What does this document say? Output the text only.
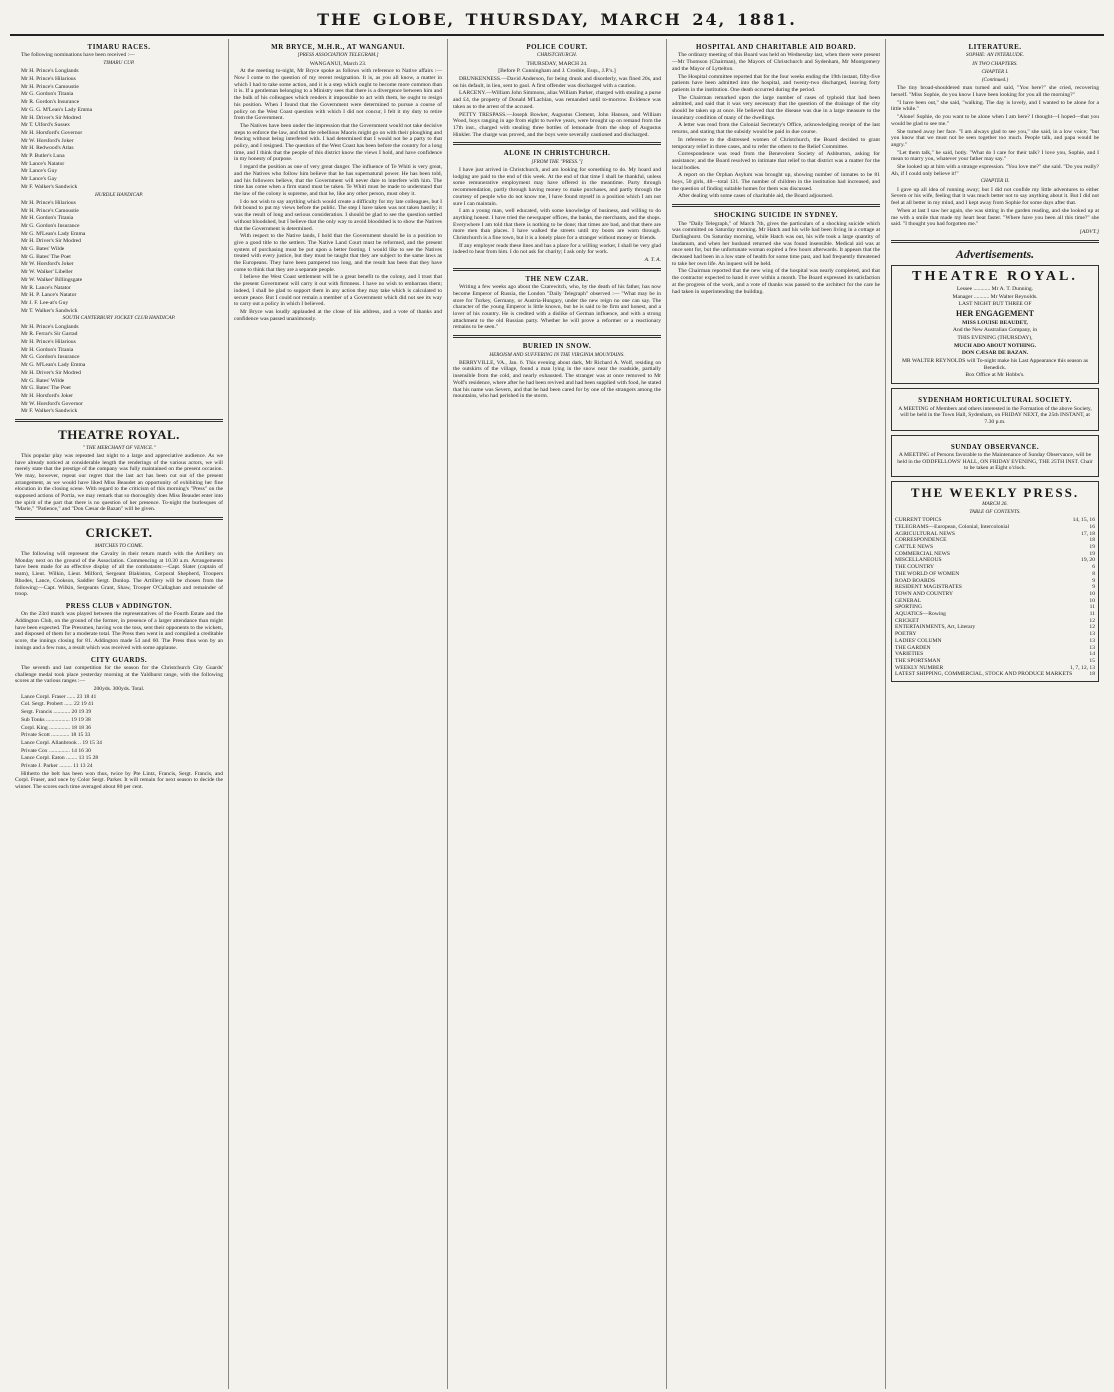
THE GLOBE, THURSDAY, MARCH 24, 1881.
TIMARU RACES.

The following nominations have been received :—

TIMARU CUP.

Mr H. Prince's Longlands

Mr H. Prince's Hilarious

Mr H. Prince's Camoustie

Mr G. Gordon's Titania

Mr R. Gordon's Insurance

Mr G. G. M'Lean's Lady Emma

Mr H. Driver's Sir Modred

Mr T. Ulford's Sussex

Mr H. Horsford's Governor

Mr W. Horsford's Joker

Mr H. Redwood's Atlas

Mr P. Butler's Luna

Mr Lance's Natator

Mr Lance's Guy

Mr Lance's Gay

Mr F. Walker's Sandwick

HURDLE HANDICAP.

Mr H. Prince's Hilarious

Mr H. Prince's Camoustie

Mr H. Gordon's Titania

Mr G. Gordon's Insurance

Mr G. M'Lean's Lady Emma

Mr H. Driver's Sir Modred

Mr G. Bates' Wilde

Mr G. Bates' The Poet

Mr W. Horsford's Joker

Mr W. Walker' Libeller

Mr W. Walker' Billingsgate

Mr R. Lance's Natator

Mr H. P. Lance's Natator

Mr J. F. Lee-at's Guy

Mr T. Walker's Sandwick

SOUTH CANTERBURY JOCKEY CLUB HANDICAP.

Mr H. Prince's Longlands

Mr R. Ferrar's Sir Garrad

Mr H. Prince's Hilarious

Mr H. Gordon's Titania

Mr G. Gordon's Insurance

Mr G. M'Lean's Lady Emma

Mr H. Driver's Sir Modred

Mr G. Bates' Wilde

Mr G. Bates' The Poet

Mr H. Horsford's Joker

Mr W. Horsford's Governor

Mr F. Walker's Sandwick

THEATRE ROYAL.
" THE MERCHANT OF VENICE."

This popular play was repeated last night to a large and appreciative audience. As we have already noticed at considerable length the renderings of the various actors, we will merely state that the prestige of the company was fully maintained on the present occasion. We may, however, repeat our regret that the last act has been cut out of the present arrangement, as we would have liked Miss Beaudet an opportunity of exhibiting her fine elocution in the closing scene. With regard to the criticism of this morning's "Press" on the supposed actions of Portia, we may remark that so thoroughly does Miss Beaudet enter into the spirit of the part that there is no question of her presence. To-night the burlesques of "Marie," "Patience," and "Don Cæsar de Bazan" will be given.

CRICKET.
MATCHES TO COME.

The following will represent the Cavalry in their return match with the Artillery on Monday next on the ground of the Association. Commencing at 10.30 a.m. Arrangements have been made for an effective display of all the combatants:—Capt. Slater (captain of team), Lieut. Wilkin, Lieut. Milford, Sergeant Blakiston, Corporal Shepherd, Troopers Rhodes, Lance, Cookson, Saddler Sergt. Dunlop. The Artillery will be chosen from the following:—Capt. Wilkin, Sergeants Grant, Shaw, Trooper O'Callaghan and remainder of troop.

PRESS CLUB v ADDINGTON.

On the 23rd match was played between the representatives of the Fourth Estate and the Addington Club, on the ground of the former, in presence of a larger attendance than might have been expected. The Pressmen, having won the toss, sent their opponents to the wickets, and disposed of them for a moderate total. The Press then went in and compiled a creditable score, the innings closing for 81. Addington made 54 and 60. The Press thus won by an innings and a few runs, a result which was received with some applause.

CITY GUARDS.

The seventh and last competition for the season for the Christchurch City Guards' challenge medal took place yesterday morning at the Yaldhurst range, with the following scores at the various ranges :—

200yds. 300yds. Total.

Lance Corpl. Fraser ...... 23 18 41

Col. Sergt. Probert ...... 22 19 41

Sergt. Francis ............ 20 19 39

Sub Tonks ................. 19 19 38

Corpl. King ............... 18 18 36

Private Scott ............. 18 15 33

Lance Corpl. Allanbrook .. 19 15 34

Private Cox ............... 14 16 30

Lance Corpl. Eaton ........ 13 15 28

Private J. Parker ......... 11 13 24

Hitherto the belt has been won thus, twice by Pte Lintz, Francis, Sergt. Francis, and Corpl. Fraser, and once by Color Sergt. Parker. It will remain for next season to decide the winner. The scores each time averaged about 80 per cent.

MR BRYCE, M.H.R., AT WANGANUI.
[PRESS ASSOCIATION TELEGRAM.]

WANGANUI, March 23.

At the meeting to-night, Mr Bryce spoke as follows with reference to Native affairs :—Now I come to the question of my recent resignation. It is, as you all know, a matter in which I had to take some action, and it is a step which ought to become more common than it is. If a gentleman belonging to a Ministry sees that there is a divergence between him and the bulk of his colleagues which renders it impossible to act with them, he ought to resign his position. When I found that the Government were determined to pursue a course of policy on the West Coast question with which I did not concur, I felt it my duty to retire from the Government.

The Natives have been under the impression that the Government would not take decisive steps to enforce the law, and that the rebellious Maoris might go on with their ploughing and fencing without being interfered with. I had determined that I would not be a party to that policy, and I resigned. The question of the West Coast has been before the country for a long time, and I think that the people of this district know the views I hold, and have confidence in my honesty of purpose.

I regard the position as one of very great danger. The influence of Te Whiti is very great, and the Natives who follow him believe that he has supernatural power. He has been told, and his followers believe, that the Government will never dare to interfere with him. The time has come when a firm stand must be taken. Te Whiti must be made to understand that the law of the colony is supreme, and that he, like any other person, must obey it.

I do not wish to say anything which would create a difficulty for my late colleagues, but I felt bound to put my views before the public. The step I have taken was not taken hastily; it was the result of long and serious consideration. I should be glad to see the question settled without bloodshed, but I believe that the only way to avoid bloodshed is to show the Natives that the Government is determined.

With respect to the Native lands, I hold that the Government should be in a position to give a good title to the settlers. The Native Land Court must be reformed, and the present system of purchasing must be put upon a better footing. I would like to see the Natives treated with every justice, but they must be taught that they are subject to the same laws as the Europeans. They have been pampered too long, and the result has been that they have come to think that they are a separate people.

I believe the West Coast settlement will be a great benefit to the colony, and I trust that the present Government will carry it out with firmness. I have no wish to embarrass them; indeed, I shall be glad to support them in any action they may take which is calculated to secure peace. But I could not remain a member of a Government which did not see its way to carry out a policy in which I believed.

Mr Bryce was loudly applauded at the close of his address, and a vote of thanks and confidence was passed unanimously.

POLICE COURT.
CHRISTCHURCH.

THURSDAY, MARCH 24.

[Before P. Cunningham and J. Crosbie, Esqs., J.P.'s.]

DRUNKENNESS.—David Anderson, for being drunk and disorderly, was fined 20s, and on his default, in lieu, sent to gaol. A first offender was discharged with a caution.

LARCENY.—William John Simmons, alias William Parker, charged with stealing a purse and £4, the property of Donald M'Lachlan, was remanded until to-morrow. Evidence was taken as to the arrest of the accused.

PETTY TRESPASS.—Joseph Bowker, Augustus Clement, John Hanson, and William Wood, boys ranging in age from eight to twelve years, were brought up on remand from the 17th inst., charged with stealing three bottles of lemonade from the shop of Augustus Hinkler. The charge was proved, and the boys were severally cautioned and discharged.

ALONE IN CHRISTCHURCH.
[FROM THE "PRESS."]

I have just arrived in Christchurch, and am looking for something to do. My hoard and lodging are paid to the end of this week. At the end of that time I shall be thankful, unless some remunerative employment may have offered in the meantime. Party through recommendation, partly through having money to make purchases, and partly through the courtesy of people who do not know me, I have found myself in a position which I am not sure I can maintain.

I am a young man, well educated, with some knowledge of business, and willing to do anything honest. I have tried the newspaper offices, the banks, the merchants, and the shops. Everywhere I am told that there is nothing to be done; that times are bad, and that there are more men than places. I have walked the streets until my boots are worn through. Christchurch is a fine town, but it is a lonely place for a stranger without money or friends.

If any employer reads these lines and has a place for a willing worker, I shall be very glad indeed to hear from him. I do not ask for charity; I ask only for work.

A. T. A.

THE NEW CZAR.

Writing a few weeks ago about the Czarewitch, who, by the death of his father, has now become Emperor of Russia, the London "Daily Telegraph" observed :— "What may be in store for Turkey, Germany, or Austria-Hungary, under the new reign no one can say. The character of the young Emperor is little known, but he is said to be firm and honest, and a lover of his country. He is credited with a dislike of German influence, and with a strong attachment to the old Russian party. Whether he will prove a reformer or a reactionary remains to be seen."

BURIED IN SNOW.
HEROISM AND SUFFERING IN THE VIRGINIA MOUNTAINS.

BERRYVILLE, VA., Jan. 6. This evening about dark, Mr Richard A. Wolf, residing on the outskirts of the village, found a man lying in the snow near the roadside, partially insensible from the cold, and nearly exhausted. The stranger was at once removed to Mr Wolf's residence, where after he had been revived and had been supplied with food, he stated that his name was Severn, and that he had been cared for by one of the strangers among the mountains, who had perished in the storm.

HOSPITAL AND CHARITABLE AID BOARD.

The ordinary meeting of this Board was held on Wednesday last, when there were present—Mr Thomson (Chairman), the Mayors of Christchurch and Sydenham, Mr Montgomery and the Mayor of Lyttelton.

The Hospital committee reported that for the four weeks ending the 19th instant, fifty-five patients have been admitted into the hospital, and twenty-two discharged, leaving forty patients in the institution. One death occurred during the period.

The Chairman remarked upon the large number of cases of typhoid that had been admitted, and said that it was very necessary that the question of the drainage of the city should be taken up at once. He believed that the disease was due in a large measure to the insanitary condition of many of the dwellings.

A letter was read from the Colonial Secretary's Office, acknowledging receipt of the last returns, and stating that the subsidy would be paid in due course.

In reference to the distressed women of Christchurch, the Board decided to grant temporary relief in three cases, and to refer the others to the Relief Committee.

Correspondence was read from the Benevolent Society of Ashburton, asking for assistance; and the Board resolved to intimate that relief to that district was a matter for the local bodies.

A report on the Orphan Asylum was brought up, showing number of inmates to be 81 boys, 50 girls, 48—total 131. The number of children in the institution had increased, and the question of finding suitable homes for them was discussed.

After dealing with some cases of charitable aid, the Board adjourned.

SHOCKING SUICIDE IN SYDNEY.

The "Daily Telegraph," of March 7th, gives the particulars of a shocking suicide which was committed on Saturday morning. Mr Hatch and his wife had been living in a cottage at Darlinghurst. On Saturday morning, while Hatch was out, his wife took a large quantity of laudanum, and when her husband returned she was found insensible. Medical aid was at once sent for, but the unfortunate woman expired a few hours afterwards. It appears that the deceased had been in a low state of health for some time past, and had frequently threatened to take her own life. An inquest will be held.

The Chairman reported that the new wing of the hospital was nearly completed, and that the contractor expected to hand it over within a month. The Board expressed its satisfaction at the progress of the work, and a vote of thanks was passed to the architect for the care he had taken in superintending the building.

LITERATURE.
SOPHIE: AN INTERLUDE.
IN TWO CHAPTERS.
CHAPTER I.
(Continued.)

The tiny broad-shouldered man turned and said, "You here?" she cried, recovering herself. "Miss Sophie, do you know I have been looking for you all the morning?"

"I have been out," she said, "walking. The day is lovely, and I wanted to be alone for a little while."

"Alone! Sophie, do you want to be alone when I am here? I thought—I hoped—that you would be glad to see me."

She turned away her face. "I am always glad to see you," she said, in a low voice; "but you know that we must not be seen together too much. People talk, and papa would be angry."

"Let them talk," he said, hotly. "What do I care for their talk? I love you, Sophie, and I mean to marry you, whatever your father may say."

She looked up at him with a strange expression. "You love me?" she said. "Do you really? Ah, if I could only believe it!"

CHAPTER II.

I gave up all idea of running away; but I did not confide my little adventures to either Severn or his wife, feeling that it was much better not to say anything about it. But I did not feel at all better in my mind, and I kept away from Sophie for some days after that.

When at last I saw her again, she was sitting in the garden reading, and she looked up at me with a smile that made my heart beat faster. "Where have you been all this time?" she said. "I thought you had forgotten me."

[ADVT.]

Advertisements.
THEATRE ROYAL.

Lessee ............ Mr A. T. Dunning.

Manager ........... Mr Walter Reynolds.

LAST NIGHT BUT THREE OF

HER ENGAGEMENT

MISS LOUISE BEAUDET,

And the New Australian Company, in

THIS EVENING (THURSDAY),

MUCH ADO ABOUT NOTHING.

DON CÆSAR DE BAZAN.

MR WALTER REYNOLDS will To-night make his Last Appearance this season as Benedick.

Box Office at Mr Hobbs's.

SYDENHAM HORTICULTURAL SOCIETY.

A MEETING of Members and others interested in the Formation of the above Society, will be held in the Town Hall, Sydenham, on FRIDAY NEXT, the 25th INSTANT, at 7.30 p.m.

SUNDAY OBSERVANCE.

A MEETING of Persons favorable to the Maintenance of Sunday Observance, will be held in the ODDFELLOWS' HALL, ON FRIDAY EVENING, THE 25TH INST. Chair to be taken at Eight o'clock.

THE WEEKLY PRESS.
MARCH 26.
TABLE OF CONTENTS.
CURRENT TOPICS	14, 15, 16
TELEGRAMS—European, Colonial, Intercolonial	16
AGRICULTURAL NEWS	17, 18
CORRESPONDENCE	18
CATTLE NEWS	19
COMMERCIAL NEWS	19
MISCELLANEOUS	19, 20
THE COUNTRY	6
THE WORLD OF WOMEN	8
ROAD BOARDS	9
RESIDENT MAGISTRATES	9
TOWN AND COUNTRY	10
GENERAL	10
SPORTING	11
AQUATICS—Rowing	11
CRICKET	12
ENTERTAINMENTS, Art, Literary	12
POETRY	13
LADIES' COLUMN	13
THE GARDEN	13
VARIETIES	14
THE SPORTSMAN	15
WEEKLY NUMBER	1, 7, 12, 13
LATEST SHIPPING, COMMERCIAL, STOCK AND PRODUCE MARKETS	18
